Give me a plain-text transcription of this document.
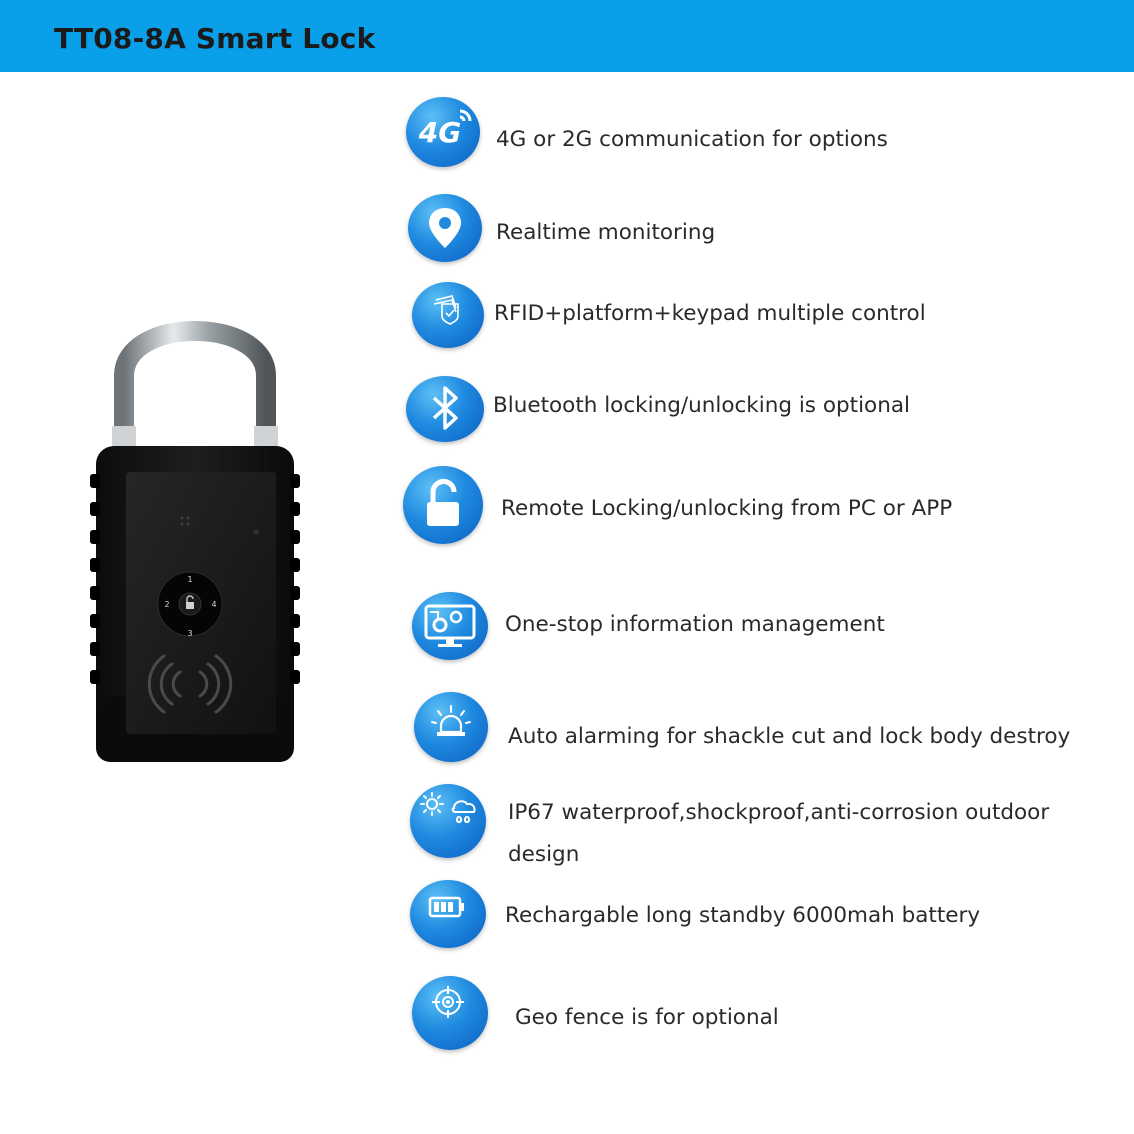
TT08-8A Smart Lock
1
2
3
4
4G 4G or 2G communication for options
Realtime monitoring
RFID+platform+keypad multiple control
Bluetooth locking/unlocking is optional
Remote Locking/unlocking from PC or APP
One-stop information management
Auto alarming for shackle cut and lock body destroy
IP67 waterproof,shockproof,anti-corrosion outdoor design
Rechargable long standby 6000mah battery
Geo fence is for optional
